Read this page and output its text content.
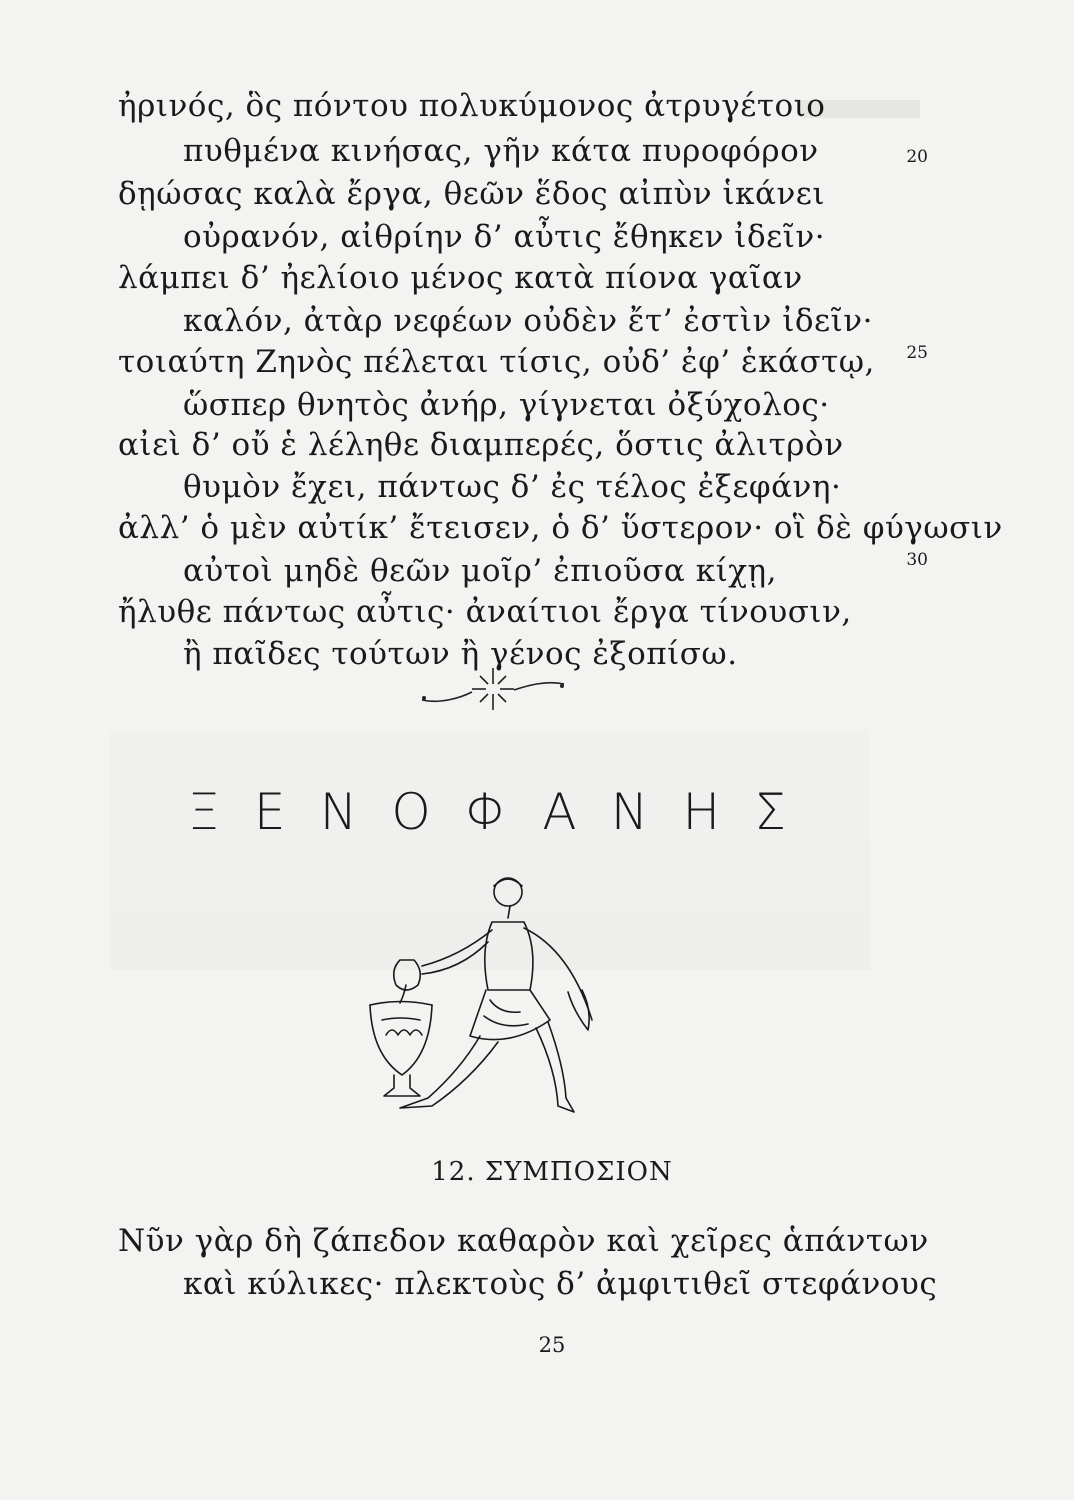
ἠρινός, ὃς πόντου πολυκύμονος ἀτρυγέτοιο
πυθμένα κινήσας, γῆν κάτα πυροφόρον
δῃώσας καλὰ ἔργα, θεῶν ἕδος αἰπὺν ἱκάνει
οὐρανόν, αἰθρίην δ’ αὖτις ἔθηκεν ἰδεῖν·
λάμπει δ’ ἠελίοιο μένος κατὰ πίονα γαῖαν
καλόν, ἀτὰρ νεφέων οὐδὲν ἔτ’ ἐστὶν ἰδεῖν·
τοιαύτη Ζηνὸς πέλεται τίσις, οὐδ’ ἐφ’ ἑκάστῳ,
ὥσπερ θνητὸς ἀνήρ, γίγνεται ὀξύχολος·
αἰεὶ δ’ οὔ ἑ λέληθε διαμπερές, ὅστις ἀλιτρὸν
θυμὸν ἔχει, πάντως δ’ ἐς τέλος ἐξεφάνη·
ἀλλ’ ὁ μὲν αὐτίκ’ ἔτεισεν, ὁ δ’ ὕστερον· οἳ δὲ φύγωσιν
αὐτοὶ μηδὲ θεῶν μοῖρ’ ἐπιοῦσα κίχῃ,
ἤλυθε πάντως αὖτις· ἀναίτιοι ἔργα τίνουσιν,
ἢ παῖδες τούτων ἢ γένος ἐξοπίσω.
20
25
30
Ξ Ε Ν Ο Φ Α Ν Η Σ
12. ΣΥΜΠΟΣΙΟΝ
Νῦν γὰρ δὴ ζάπεδον καθαρὸν καὶ χεῖρες ἁπάντων
καὶ κύλικες· πλεκτοὺς δ’ ἀμφιτιθεῖ στεφάνους
25
